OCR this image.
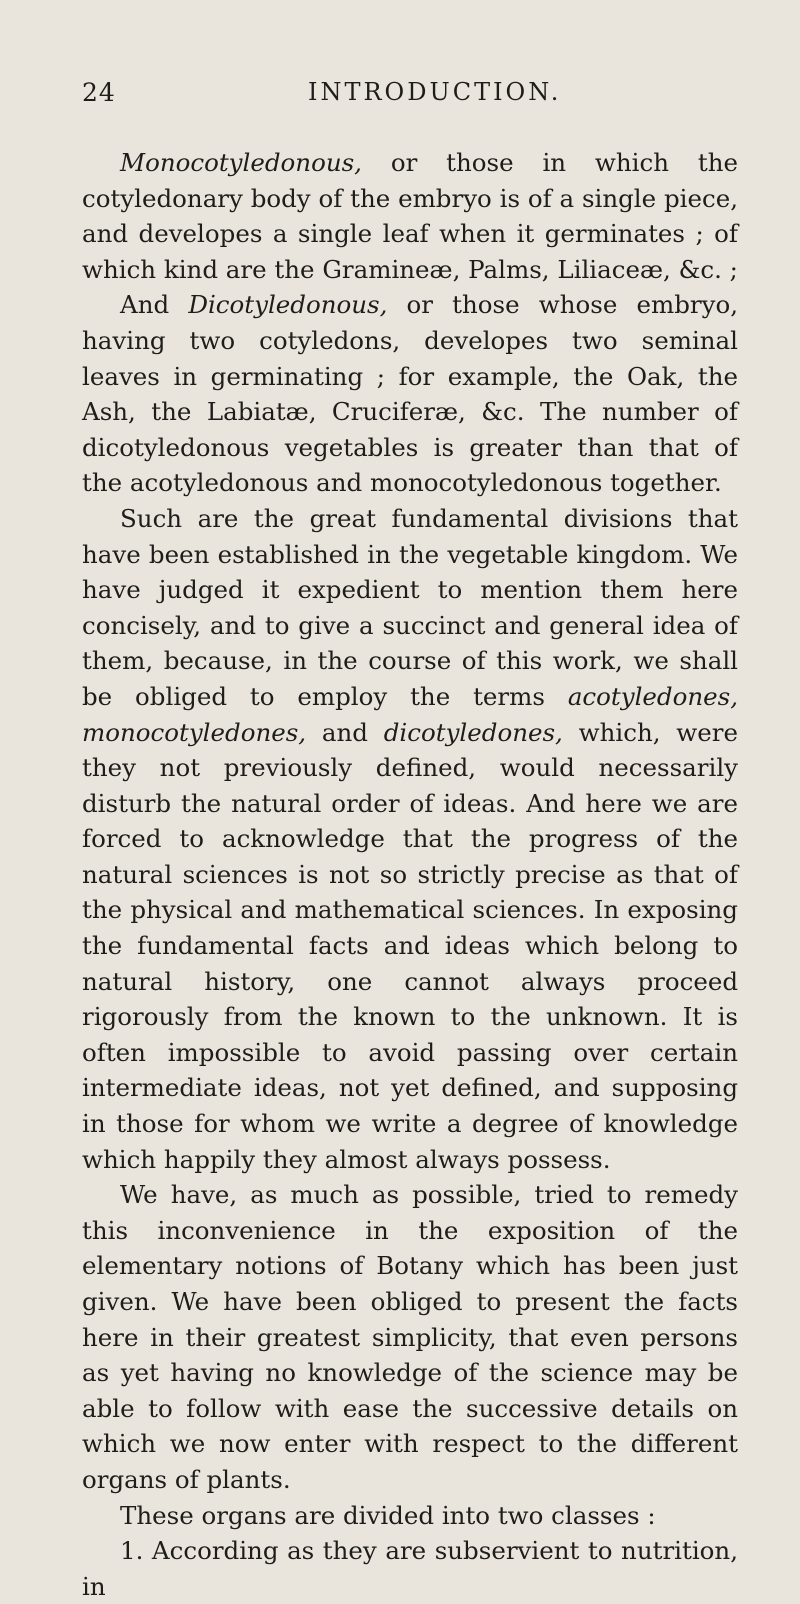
24	INTRODUCTION.

Monocotyledonous, or those in which the cotyledonary body of the embryo is of a single piece, and developes a single leaf when it germinates ; of which kind are the Gramineæ, Palms, Liliaceæ, &c. ;

And Dicotyledonous, or those whose embryo, having two cotyledons, developes two seminal leaves in germinating ; for example, the Oak, the Ash, the Labiatæ, Cruciferæ, &c. The number of dicotyledonous vegetables is greater than that of the acotyledonous and monocotyledonous together.

Such are the great fundamental divisions that have been established in the vegetable kingdom. We have judged it expedient to mention them here concisely, and to give a succinct and general idea of them, because, in the course of this work, we shall be obliged to employ the terms acotyledones, monocotyledones, and dicotyledones, which, were they not previously defined, would necessarily disturb the natural order of ideas. And here we are forced to acknowledge that the progress of the natural sciences is not so strictly precise as that of the physical and mathematical sciences. In exposing the fundamental facts and ideas which belong to natural history, one cannot always proceed rigorously from the known to the unknown. It is often impossible to avoid passing over certain intermediate ideas, not yet defined, and supposing in those for whom we write a degree of knowledge which happily they almost always possess.

We have, as much as possible, tried to remedy this inconvenience in the exposition of the elementary notions of Botany which has been just given. We have been obliged to present the facts here in their greatest simplicity, that even persons as yet having no knowledge of the science may be able to follow with ease the successive details on which we now enter with respect to the different organs of plants.

These organs are divided into two classes :

1. According as they are subservient to nutrition, in
